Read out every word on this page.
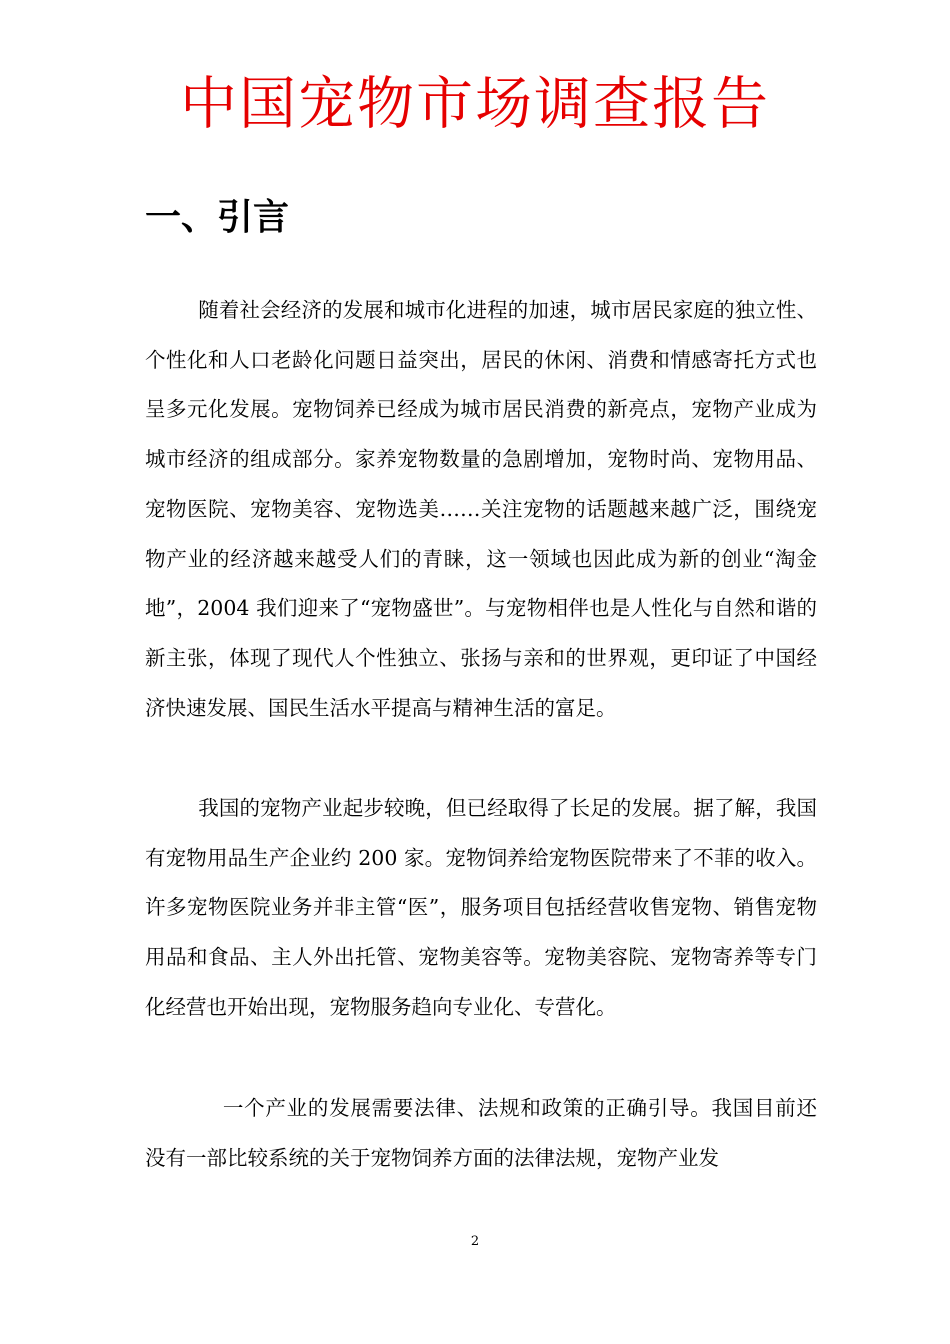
中国宠物市场调查报告
一、引言

随着社会经济的发展和城市化进程的加速，城市居民家庭的独立性、个性化和人口老龄化问题日益突出，居民的休闲、消费和情感寄托方式也呈多元化发展。宠物饲养已经成为城市居民消费的新亮点，宠物产业成为城市经济的组成部分。家养宠物数量的急剧增加，宠物时尚、宠物用品、宠物医院、宠物美容、宠物选美……关注宠物的话题越来越广泛，围绕宠物产业的经济越来越受人们的青睐，这一领域也因此成为新的创业“淘金地”，2004 我们迎来了“宠物盛世”。与宠物相伴也是人性化与自然和谐的新主张，体现了现代人个性独立、张扬与亲和的世界观，更印证了中国经济快速发展、国民生活水平提高与精神生活的富足。

我国的宠物产业起步较晚，但已经取得了长足的发展。据了解，我国有宠物用品生产企业约 200 家。宠物饲养给宠物医院带来了不菲的收入。许多宠物医院业务并非主管“医”，服务项目包括经营收售宠物、销售宠物用品和食品、主人外出托管、宠物美容等。宠物美容院、宠物寄养等专门化经营也开始出现，宠物服务趋向专业化、专营化。

一个产业的发展需要法律、法规和政策的正确引导。我国目前还没有一部比较系统的关于宠物饲养方面的法律法规，宠物产业发

2
